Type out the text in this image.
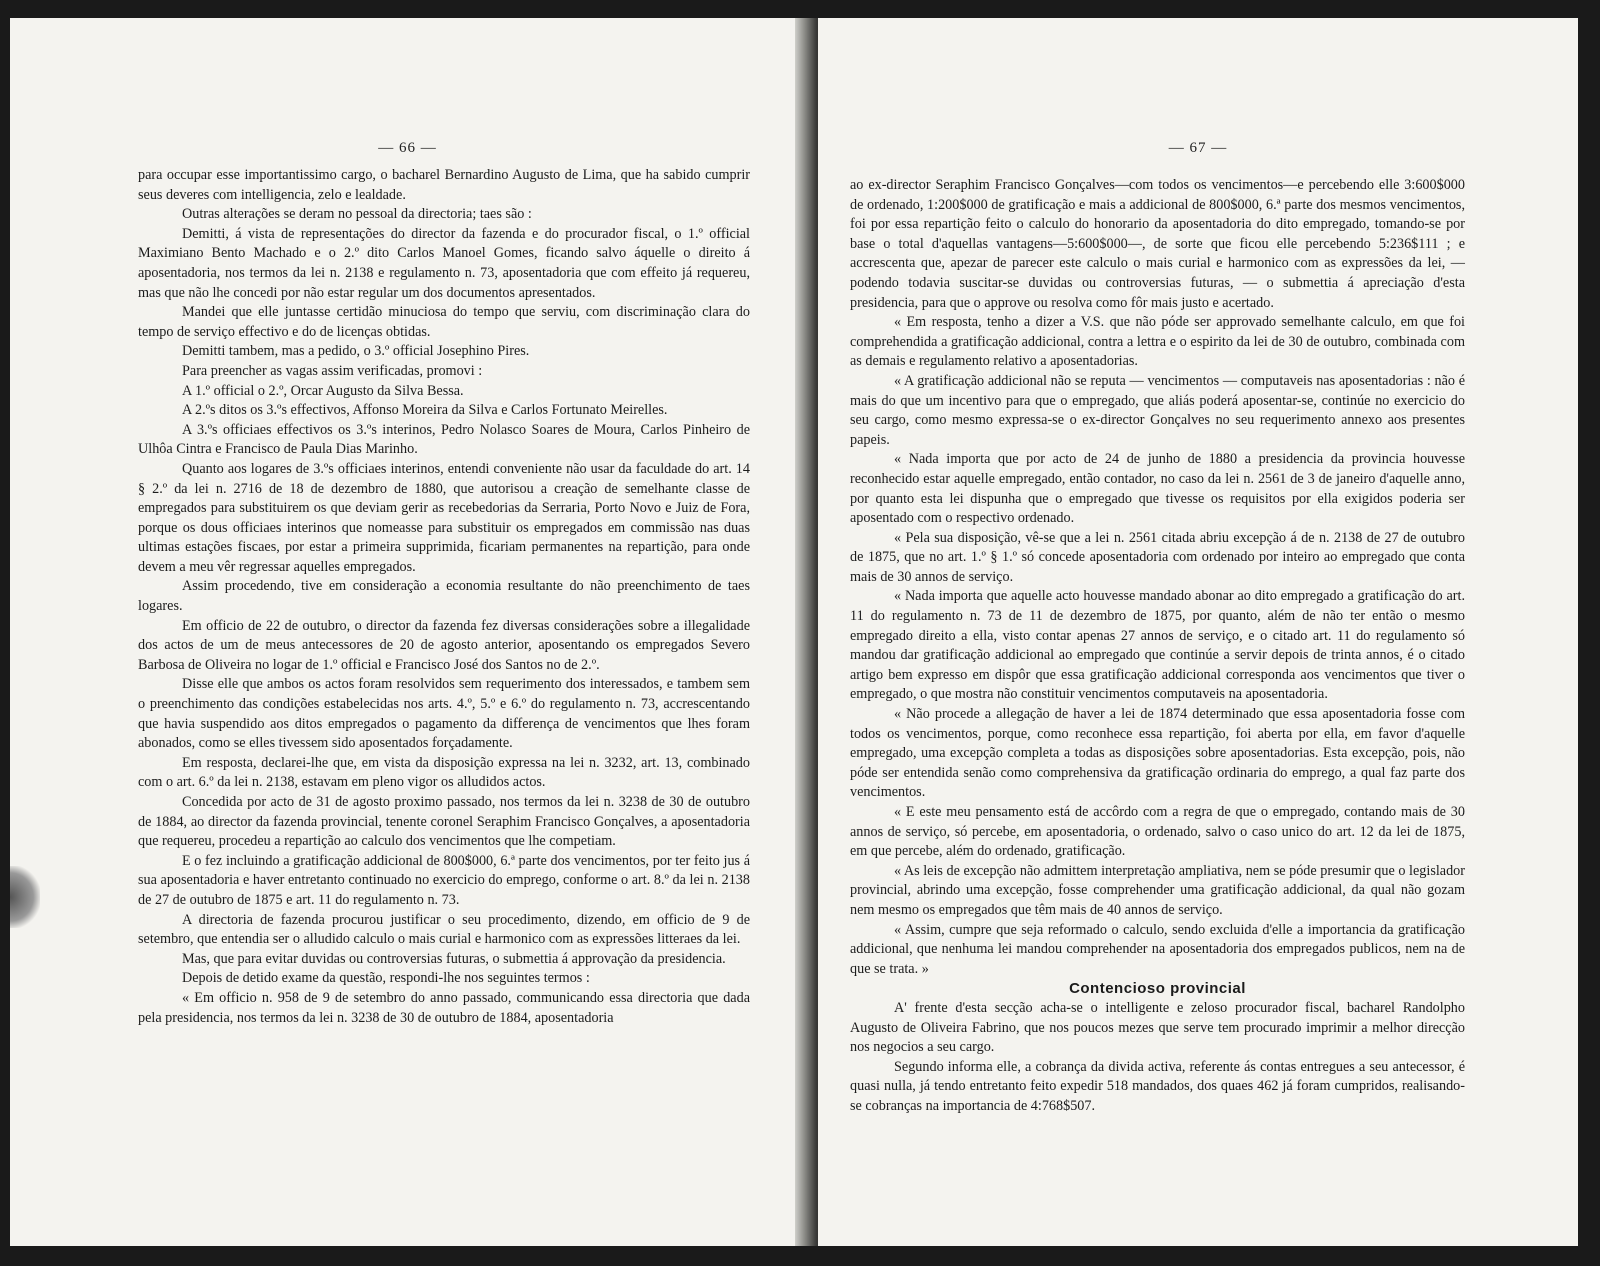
— 66 —

para occupar esse importantissimo cargo, o bacharel Bernardino Augusto de Lima, que ha sabido cumprir seus deveres com intelligencia, zelo e lealdade.

Outras alterações se deram no pessoal da directoria; taes são :

Demitti, á vista de representações do director da fazenda e do procurador fiscal, o 1.º official Maximiano Bento Machado e o 2.º dito Carlos Manoel Gomes, ficando salvo áquelle o direito á aposentadoria, nos termos da lei n. 2138 e regulamento n. 73, aposentadoria que com effeito já requereu, mas que não lhe concedi por não estar regular um dos documentos apresentados.

Mandei que elle juntasse certidão minuciosa do tempo que serviu, com discriminação clara do tempo de serviço effectivo e do de licenças obtidas.

Demitti tambem, mas a pedido, o 3.º official Josephino Pires.

Para preencher as vagas assim verificadas, promovi :

A 1.º official o 2.º, Orcar Augusto da Silva Bessa.

A 2.ºs ditos os 3.ºs effectivos, Affonso Moreira da Silva e Carlos Fortunato Meirelles.

A 3.ºs officiaes effectivos os 3.ºs interinos, Pedro Nolasco Soares de Moura, Carlos Pinheiro de Ulhôa Cintra e Francisco de Paula Dias Marinho.

Quanto aos logares de 3.ºs officiaes interinos, entendi conveniente não usar da faculdade do art. 14 § 2.º da lei n. 2716 de 18 de dezembro de 1880, que autorisou a creação de semelhante classe de empregados para substituirem os que deviam gerir as recebedorias da Serraria, Porto Novo e Juiz de Fora, porque os dous officiaes interinos que nomeasse para substituir os empregados em commissão nas duas ultimas estações fiscaes, por estar a primeira supprimida, ficariam permanentes na repartição, para onde devem a meu vêr regressar aquelles empregados.

Assim procedendo, tive em consideração a economia resultante do não preenchimento de taes logares.

Em officio de 22 de outubro, o director da fazenda fez diversas considerações sobre a illegalidade dos actos de um de meus antecessores de 20 de agosto anterior, aposentando os empregados Severo Barbosa de Oliveira no logar de 1.º official e Francisco José dos Santos no de 2.º.

Disse elle que ambos os actos foram resolvidos sem requerimento dos interessados, e tambem sem o preenchimento das condições estabelecidas nos arts. 4.º, 5.º e 6.º do regulamento n. 73, accrescentando que havia suspendido aos ditos empregados o pagamento da differença de vencimentos que lhes foram abonados, como se elles tivessem sido aposentados forçadamente.

Em resposta, declarei-lhe que, em vista da disposição expressa na lei n. 3232, art. 13, combinado com o art. 6.º da lei n. 2138, estavam em pleno vigor os alludidos actos.

Concedida por acto de 31 de agosto proximo passado, nos termos da lei n. 3238 de 30 de outubro de 1884, ao director da fazenda provincial, tenente coronel Seraphim Francisco Gonçalves, a aposentadoria que requereu, procedeu a repartição ao calculo dos vencimentos que lhe competiam.

E o fez incluindo a gratificação addicional de 800$000, 6.ª parte dos vencimentos, por ter feito jus á sua aposentadoria e haver entretanto continuado no exercicio do emprego, conforme o art. 8.º da lei n. 2138 de 27 de outubro de 1875 e art. 11 do regulamento n. 73.

A directoria de fazenda procurou justificar o seu procedimento, dizendo, em officio de 9 de setembro, que entendia ser o alludido calculo o mais curial e harmonico com as expressões litteraes da lei.

Mas, que para evitar duvidas ou controversias futuras, o submettia á approvação da presidencia.

Depois de detido exame da questão, respondi-lhe nos seguintes termos :

« Em officio n. 958 de 9 de setembro do anno passado, communicando essa directoria que dada pela presidencia, nos termos da lei n. 3238 de 30 de outubro de 1884, aposentadoria

— 67 —

ao ex-director Seraphim Francisco Gonçalves—com todos os vencimentos—e percebendo elle 3:600$000 de ordenado, 1:200$000 de gratificação e mais a addicional de 800$000, 6.ª parte dos mesmos vencimentos, foi por essa repartição feito o calculo do honorario da aposentadoria do dito empregado, tomando-se por base o total d'aquellas vantagens—5:600$000—, de sorte que ficou elle percebendo 5:236$111 ; e accrescenta que, apezar de parecer este calculo o mais curial e harmonico com as expressões da lei, — podendo todavia suscitar-se duvidas ou controversias futuras, — o submettia á apreciação d'esta presidencia, para que o approve ou resolva como fôr mais justo e acertado.

« Em resposta, tenho a dizer a V.S. que não póde ser approvado semelhante calculo, em que foi comprehendida a gratificação addicional, contra a lettra e o espirito da lei de 30 de outubro, combinada com as demais e regulamento relativo a aposentadorias.

« A gratificação addicional não se reputa — vencimentos — computaveis nas aposentadorias : não é mais do que um incentivo para que o empregado, que aliás poderá aposentar-se, continúe no exercicio do seu cargo, como mesmo expressa-se o ex-director Gonçalves no seu requerimento annexo aos presentes papeis.

« Nada importa que por acto de 24 de junho de 1880 a presidencia da provincia houvesse reconhecido estar aquelle empregado, então contador, no caso da lei n. 2561 de 3 de janeiro d'aquelle anno, por quanto esta lei dispunha que o empregado que tivesse os requisitos por ella exigidos poderia ser aposentado com o respectivo ordenado.

« Pela sua disposição, vê-se que a lei n. 2561 citada abriu excepção á de n. 2138 de 27 de outubro de 1875, que no art. 1.º § 1.º só concede aposentadoria com ordenado por inteiro ao empregado que conta mais de 30 annos de serviço.

« Nada importa que aquelle acto houvesse mandado abonar ao dito empregado a gratificação do art. 11 do regulamento n. 73 de 11 de dezembro de 1875, por quanto, além de não ter então o mesmo empregado direito a ella, visto contar apenas 27 annos de serviço, e o citado art. 11 do regulamento só mandou dar gratificação addicional ao empregado que continúe a servir depois de trinta annos, é o citado artigo bem expresso em dispôr que essa gratificação addicional corresponda aos vencimentos que tiver o empregado, o que mostra não constituir vencimentos computaveis na aposentadoria.

« Não procede a allegação de haver a lei de 1874 determinado que essa aposentadoria fosse com todos os vencimentos, porque, como reconhece essa repartição, foi aberta por ella, em favor d'aquelle empregado, uma excepção completa a todas as disposições sobre aposentadorias. Esta excepção, pois, não póde ser entendida senão como comprehensiva da gratificação ordinaria do emprego, a qual faz parte dos vencimentos.

« E este meu pensamento está de accôrdo com a regra de que o empregado, contando mais de 30 annos de serviço, só percebe, em aposentadoria, o ordenado, salvo o caso unico do art. 12 da lei de 1875, em que percebe, além do ordenado, gratificação.

« As leis de excepção não admittem interpretação ampliativa, nem se póde presumir que o legislador provincial, abrindo uma excepção, fosse comprehender uma gratificação addicional, da qual não gozam nem mesmo os empregados que têm mais de 40 annos de serviço.

« Assim, cumpre que seja reformado o calculo, sendo excluida d'elle a importancia da gratificação addicional, que nenhuma lei mandou comprehender na aposentadoria dos empregados publicos, nem na de que se trata. »

Contencioso provincial

A' frente d'esta secção acha-se o intelligente e zeloso procurador fiscal, bacharel Randolpho Augusto de Oliveira Fabrino, que nos poucos mezes que serve tem procurado imprimir a melhor direcção nos negocios a seu cargo.

Segundo informa elle, a cobrança da divida activa, referente ás contas entregues a seu antecessor, é quasi nulla, já tendo entretanto feito expedir 518 mandados, dos quaes 462 já foram cumpridos, realisando-se cobranças na importancia de 4:768$507.
